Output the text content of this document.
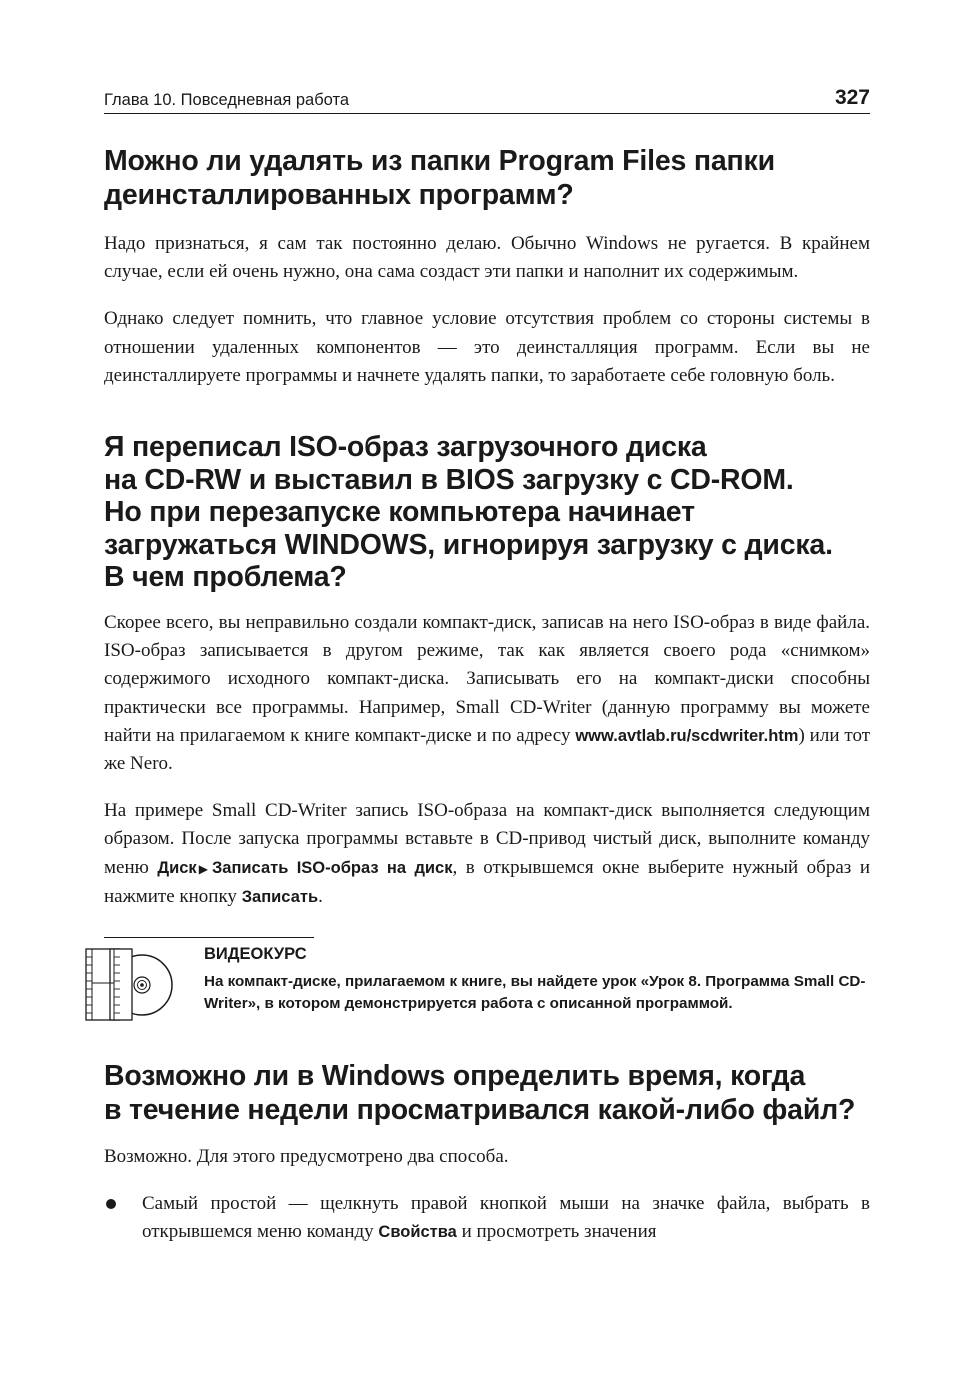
Глава 10. Повседневная работа	327
Можно ли удалять из папки Program Files папки
деинсталлированных программ?

Надо признаться, я сам так постоянно делаю. Обычно Windows не ругается. В крайнем случае, если ей очень нужно, она сама создаст эти папки и наполнит их содержимым.

Однако следует помнить, что главное условие отсутствия проблем со стороны системы в отношении удаленных компонентов — это деинсталляция программ. Если вы не деинсталлируете программы и начнете удалять папки, то заработаете себе головную боль.

Я переписал ISO-образ загрузочного диска
на CD-RW и выставил в BIOS загрузку с CD-ROM.
Но при перезапуске компьютера начинает
загружаться WINDOWS, игнорируя загрузку с диска.
В чем проблема?

Скорее всего, вы неправильно создали компакт-диск, записав на него ISO-образ в виде файла. ISO-образ записывается в другом режиме, так как является своего рода «снимком» содержимого исходного компакт-диска. Записывать его на компакт-диски способны практически все программы. Например, Small CD-Writer (данную программу вы можете найти на прилагаемом к книге компакт-диске и по адресу www.avtlab.ru/scdwriter.htm) или тот же Nero.

На примере Small CD-Writer запись ISO-образа на компакт-диск выполняется следующим образом. После запуска программы вставьте в CD-привод чистый диск, выполните команду меню Диск ▶ Записать ISO-образ на диск, в открывшемся окне выберите нужный образ и нажмите кнопку Записать.

ВИДЕОКУРС
На компакт-диске, прилагаемом к книге, вы найдете урок «Урок 8. Программа Small CD-Writer», в котором демонстрируется работа с описанной программой.
Возможно ли в Windows определить время, когда
в течение недели просматривался какой-либо файл?

Возможно. Для этого предусмотрено два способа.

Самый простой — щелкнуть правой кнопкой мыши на значке файла, выбрать в открывшемся меню команду Свойства и просмотреть значения
